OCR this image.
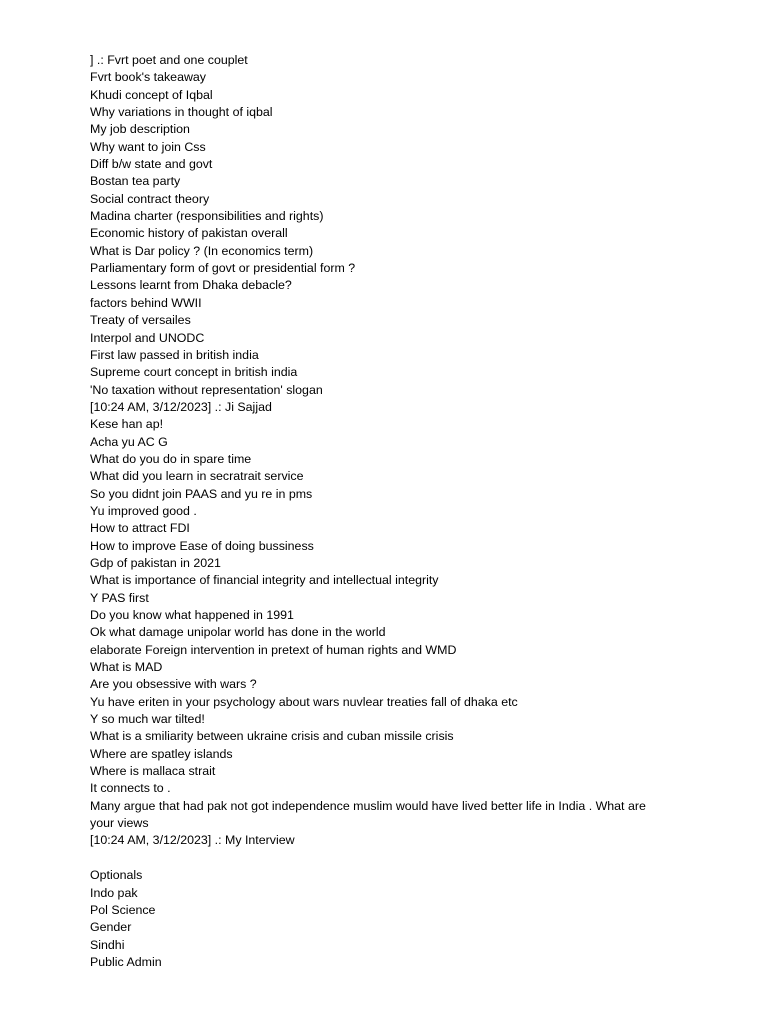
] .: Fvrt poet and one couplet
Fvrt book's takeaway
Khudi concept of Iqbal
Why variations in thought of iqbal
My job description
Why want to join Css
Diff b/w state and govt
Bostan tea party
Social contract theory
Madina charter (responsibilities and rights)
Economic history of pakistan overall
What is Dar policy ? (In economics term)
Parliamentary form of govt or presidential form ?
Lessons learnt from Dhaka debacle?
factors behind WWII
Treaty of versailes
Interpol and UNODC
First law passed in british india
Supreme court concept in british india
'No taxation without representation' slogan
[10:24 AM, 3/12/2023] .: Ji Sajjad
Kese han ap!
Acha yu AC G
What do you do in spare time
What did you learn in secratrait service
So you didnt join PAAS and yu re in pms
Yu improved good .
How to attract FDI
How to improve Ease of doing bussiness
Gdp of pakistan in 2021
What is importance of financial integrity and intellectual integrity
Y PAS first
Do you know what happened in 1991
Ok what damage unipolar world has done in the world
elaborate Foreign intervention in pretext of human rights and WMD
What is MAD
Are you obsessive with wars ?
Yu have eriten in your psychology about wars nuvlear treaties fall of dhaka etc
Y so much war tilted!
What is a smiliarity between ukraine crisis and cuban missile crisis
Where are spatley islands
Where is mallaca strait
It connects to .
Many argue that had pak not got independence muslim would have lived better life in India . What are
your views
[10:24 AM, 3/12/2023] .: My Interview
Optionals
Indo pak
Pol Science
Gender
Sindhi
Public Admin
